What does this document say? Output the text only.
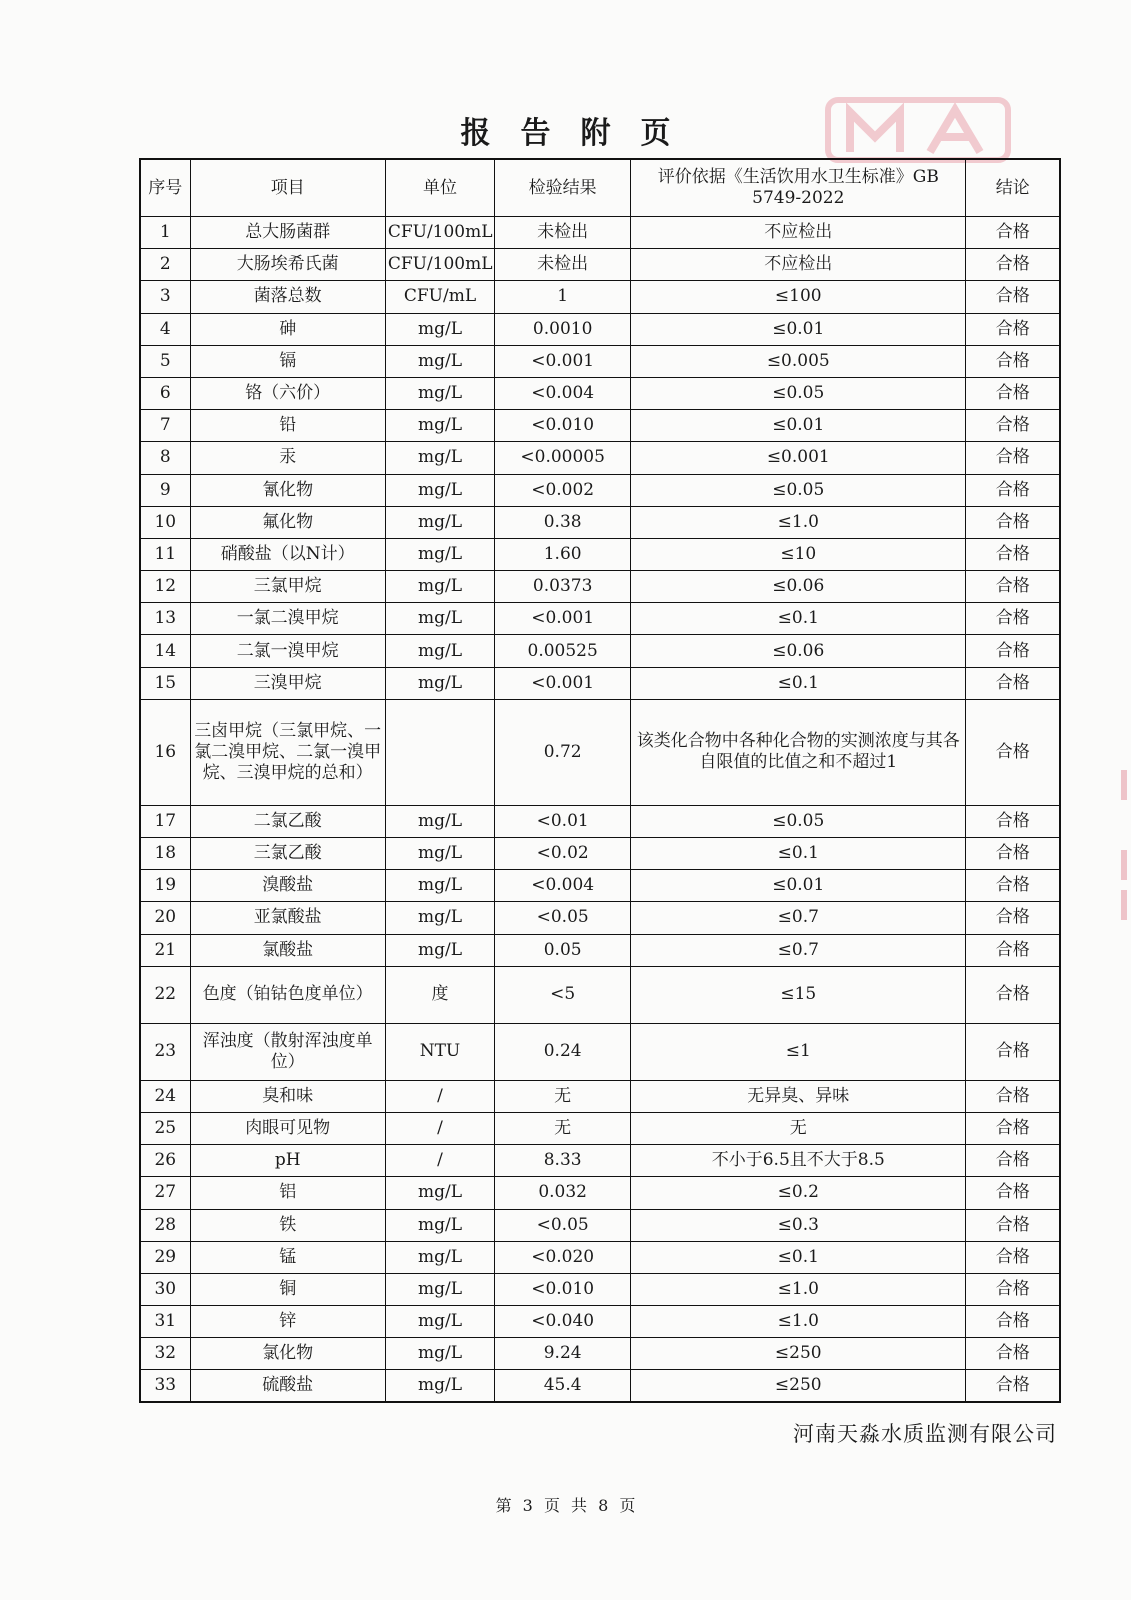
报告附页
序号	项目	单位	检验结果	评价依据《生活饮用水卫生标准》GB 5749-2022	结论
1	总大肠菌群	CFU/100mL	未检出	不应检出	合格
2	大肠埃希氏菌	CFU/100mL	未检出	不应检出	合格
3	菌落总数	CFU/mL	1	≤100	合格
4	砷	mg/L	0.0010	≤0.01	合格
5	镉	mg/L	<0.001	≤0.005	合格
6	铬（六价）	mg/L	<0.004	≤0.05	合格
7	铅	mg/L	<0.010	≤0.01	合格
8	汞	mg/L	<0.00005	≤0.001	合格
9	氰化物	mg/L	<0.002	≤0.05	合格
10	氟化物	mg/L	0.38	≤1.0	合格
11	硝酸盐（以N计）	mg/L	1.60	≤10	合格
12	三氯甲烷	mg/L	0.0373	≤0.06	合格
13	一氯二溴甲烷	mg/L	<0.001	≤0.1	合格
14	二氯一溴甲烷	mg/L	0.00525	≤0.06	合格
15	三溴甲烷	mg/L	<0.001	≤0.1	合格
16	三卤甲烷（三氯甲烷、一氯二溴甲烷、二氯一溴甲烷、三溴甲烷的总和）		0.72	该类化合物中各种化合物的实测浓度与其各自限值的比值之和不超过1	合格
17	二氯乙酸	mg/L	<0.01	≤0.05	合格
18	三氯乙酸	mg/L	<0.02	≤0.1	合格
19	溴酸盐	mg/L	<0.004	≤0.01	合格
20	亚氯酸盐	mg/L	<0.05	≤0.7	合格
21	氯酸盐	mg/L	0.05	≤0.7	合格
22	色度（铂钴色度单位）	度	<5	≤15	合格
23	浑浊度（散射浑浊度单位）	NTU	0.24	≤1	合格
24	臭和味	/	无	无异臭、异味	合格
25	肉眼可见物	/	无	无	合格
26	pH	/	8.33	不小于6.5且不大于8.5	合格
27	铝	mg/L	0.032	≤0.2	合格
28	铁	mg/L	<0.05	≤0.3	合格
29	锰	mg/L	<0.020	≤0.1	合格
30	铜	mg/L	<0.010	≤1.0	合格
31	锌	mg/L	<0.040	≤1.0	合格
32	氯化物	mg/L	9.24	≤250	合格
33	硫酸盐	mg/L	45.4	≤250	合格
河南天淼水质监测有限公司
第 3 页 共 8 页
